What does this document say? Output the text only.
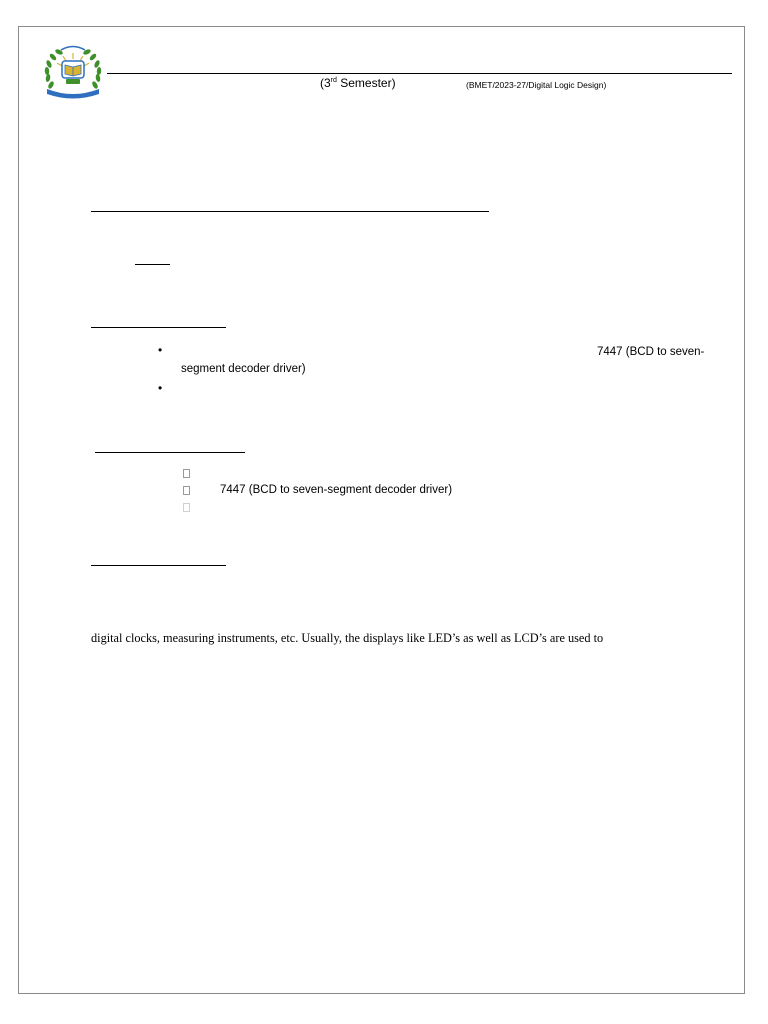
(3rd Semester)	(BMET/2023-27/Digital Logic Design)
•	7447 (BCD to seven-
segment decoder driver)
•
7447 (BCD to seven-segment decoder driver)
digital clocks, measuring instruments, etc. Usually, the displays like LED’s as well as LCD’s are used to
